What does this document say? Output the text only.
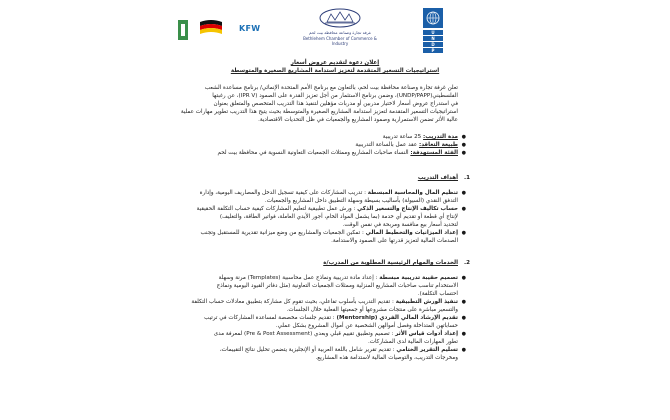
KFW	غرفة تجارة وصناعة محافظة بيت لحم
Bethlehem Chamber of Commerce & Industry
U
N
D
P
إعلان دعوة لتقديم عروض أسعار
استراتيجيات التسعير المتقدمة لتعزيز استدامة المشاريع الصغيرة والمتوسطة
تعلن غرفة تجارة وصناعة محافظة بيت لحم، بالتعاون مع برنامج الأمم المتحدة الإنمائي/ برنامج مساعدة الشعب
الفلسطيني(UNDP/PAPP)، وضمن برنامج الاستثمار من أجل تعزيز القدرة على الصمود (IPR V)، عن رغبتها
في استدراج عروض أسعار لاختيار مدربين أو مدربات مؤهلين لتنفيذ هذا التدريب المتخصص والمتعلق بعنوان
استراتيجيات التسعير المتقدمة لتعزيز استدامة المشاريع الصغيرة والمتوسطة بحيث يتيح هذا التدريب تطوير مهارات عملية
عالية الأثر تضمن الاستمرارية وصمود المشاريع والجمعيات في ظل التحديات الاقتصادية.
●
مدة التدريب: 25 ساعة تدريبية
●
طبيعة التعاقد: عقد عمل بالساعة التدريبية
●
الفئة المستهدفة: النساء صاحبات المشاريع وممثلات الجمعيات التعاونية النسوية في محافظة بيت لحم
1.
أهداف التدريب
●
تنظيم المال والمحاسبة المبسطة : تدريب المشاركات على كيفية تسجيل الدخل والمصاريف اليومية، وإدارة
التدفق النقدي (السيولة) بأساليب بسيطة وسهلة التطبيق داخل المشاريع والجمعيات.
●
حساب تكاليف الإنتاج والتسعير الذكي : ورش عمل تطبيقية لتعليم المشاركات كيفية حساب التكلفة الحقيقية
لإنتاج أي قطعة أو تقديم أي خدمة (بما يشمل المواد الخام، أجور الأيدي العاملة، فواتير الطاقة، والتغليف)
لتحديد أسعار بيع منافسة ومربحة في نفس الوقت.
●
إعداد الميزانيات والتخطيط المالي : تمكين الجمعيات والمشاريع من وضع ميزانية تقديرية للمستقبل وتجنب
الصدمات المالية لتعزيز قدرتها على الصمود والاستدامة.
2.
الخدمات والمهام الرئيسية المطلوبة من المدرب/ة
●
تصميم حقيبة تدريبية مبسطة : إعداد مادة تدريبية ونماذج عمل محاسبية (Templates) مرنة وسهلة
الاستخدام تناسب صاحبات المشاريع المنزلية وممثلات الجمعيات التعاونية (مثل دفاتر القيود اليومية ونماذج
احتساب التكلفة).
●
تنفيذ الورش التطبيقية : تقديم التدريب بأسلوب تفاعلي، بحيث تقوم كل مشاركة بتطبيق معادلات حساب التكلفة
والتسعير مباشرة على منتجات مشروعها أو جمعيتها الفعلية خلال الجلسات.
●
تقديم الإرشاد المالي الفردي (Mentorship) : تقديم جلسات مخصصة لمساعدة المشاركات في ترتيب
حساباتهن المتداخلة وفصل أموالهن الشخصية عن أموال المشروع بشكل عملي.
●
إعداد أدوات قياس الأثر : تصميم وتطبيق تقييم قبلي وبعدي (Pre & Post Assessment) لمعرفة مدى
تطور المهارات المالية لدى المشاركات.
●
تسليم التقرير الختامي : تقديم تقرير شامل باللغة العربية أو الإنجليزية يتضمن تحليل نتائج التقييمات،
ومخرجات التدريب، والتوصيات المالية لاستدامة هذه المشاريع.
